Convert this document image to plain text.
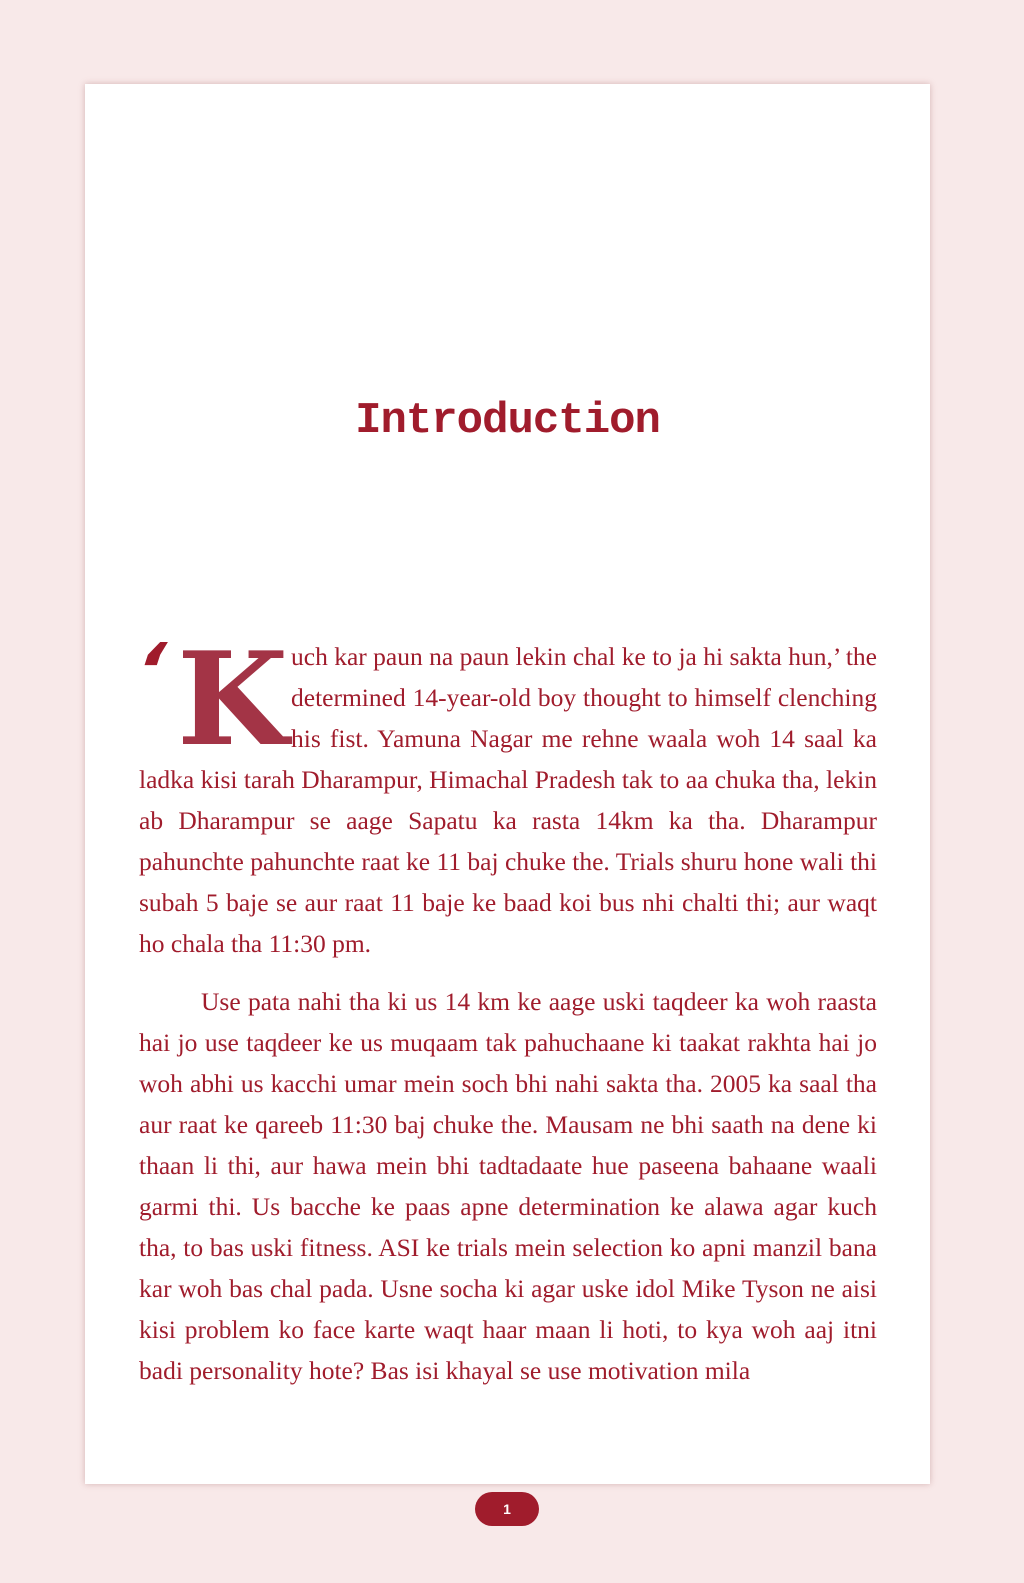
Introduction

‘ K uch kar paun na paun lekin chal ke to ja hi sakta hun,’ the determined 14-year-old boy thought to himself clenching his fist. Yamuna Nagar me rehne waala woh 14 saal ka ladka kisi tarah Dharampur, Himachal Pradesh tak to aa chuka tha, lekin ab Dharampur se aage Sapatu ka rasta 14km ka tha. Dharampur pahunchte pahunchte raat ke 11 baj chuke the. Trials shuru hone wali thi subah 5 baje se aur raat 11 baje ke baad koi bus nhi chalti thi; aur waqt ho chala tha 11:30 pm.

Use pata nahi tha ki us 14 km ke aage uski taqdeer ka woh raasta hai jo use taqdeer ke us muqaam tak pahuchaane ki taakat rakhta hai jo woh abhi us kacchi umar mein soch bhi nahi sakta tha. 2005 ka saal tha aur raat ke qareeb 11:30 baj chuke the. Mausam ne bhi saath na dene ki thaan li thi, aur hawa mein bhi tadtadaate hue paseena bahaane waali garmi thi. Us bacche ke paas apne determination ke alawa agar kuch tha, to bas uski fitness. ASI ke trials mein selection ko apni manzil bana kar woh bas chal pada. Usne socha ki agar uske idol Mike Tyson ne aisi kisi problem ko face karte waqt haar maan li hoti, to kya woh aaj itni badi personality hote? Bas isi khayal se use motivation mila

1
